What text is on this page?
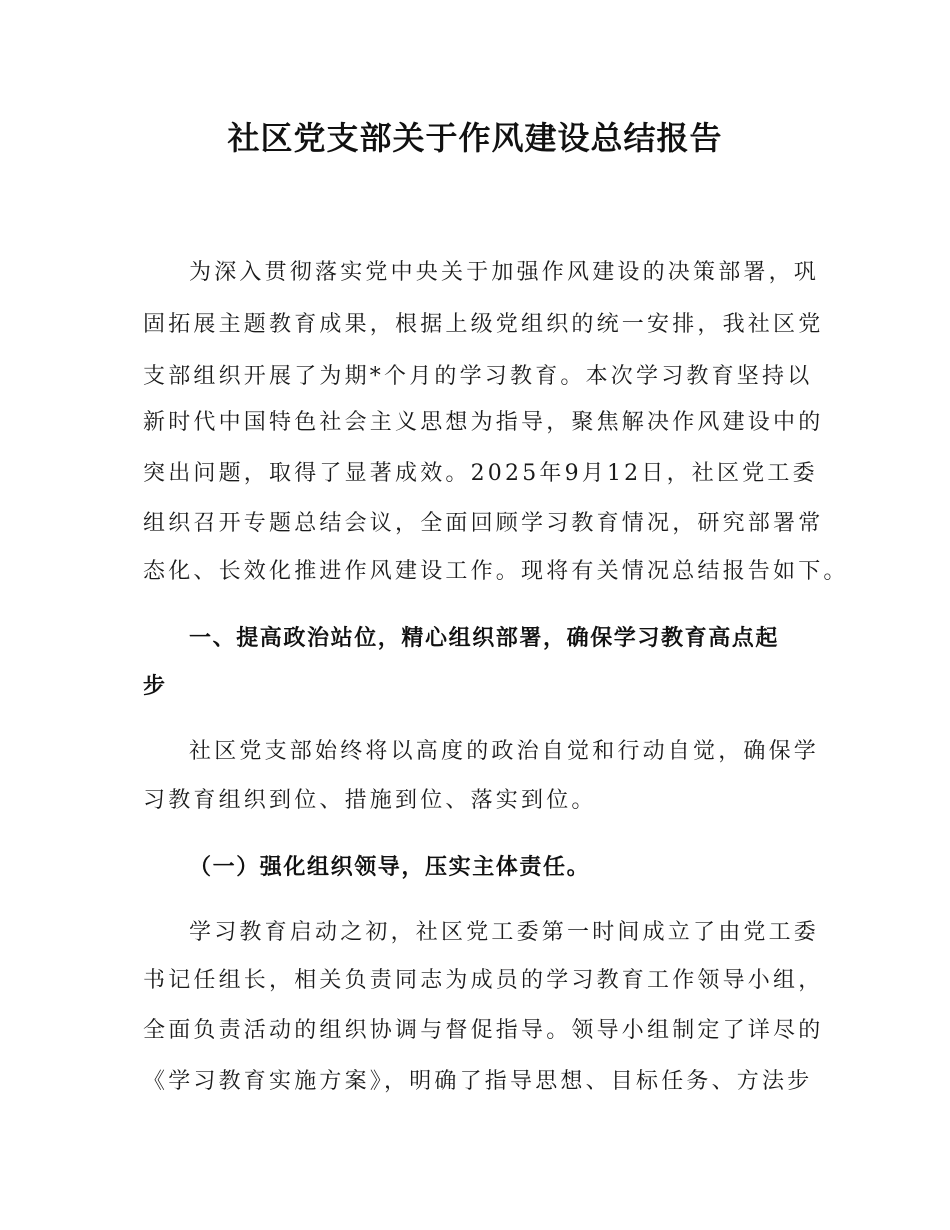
社区党支部关于作风建设总结报告
为深入贯彻落实党中央关于加强作风建设的决策部署，巩
固拓展主题教育成果，根据上级党组织的统一安排，我社区党
支部组织开展了为期*个月的学习教育。本次学习教育坚持以
新时代中国特色社会主义思想为指导，聚焦解决作风建设中的
突出问题，取得了显著成效。2025年9月12日，社区党工委
组织召开专题总结会议，全面回顾学习教育情况，研究部署常
态化、长效化推进作风建设工作。现将有关情况总结报告如下。
一、提高政治站位，精心组织部署，确保学习教育高点起
步
社区党支部始终将以高度的政治自觉和行动自觉，确保学
习教育组织到位、措施到位、落实到位。
（一）强化组织领导，压实主体责任。
学习教育启动之初，社区党工委第一时间成立了由党工委
书记任组长，相关负责同志为成员的学习教育工作领导小组，
全面负责活动的组织协调与督促指导。领导小组制定了详尽的
《学习教育实施方案》，明确了指导思想、目标任务、方法步
